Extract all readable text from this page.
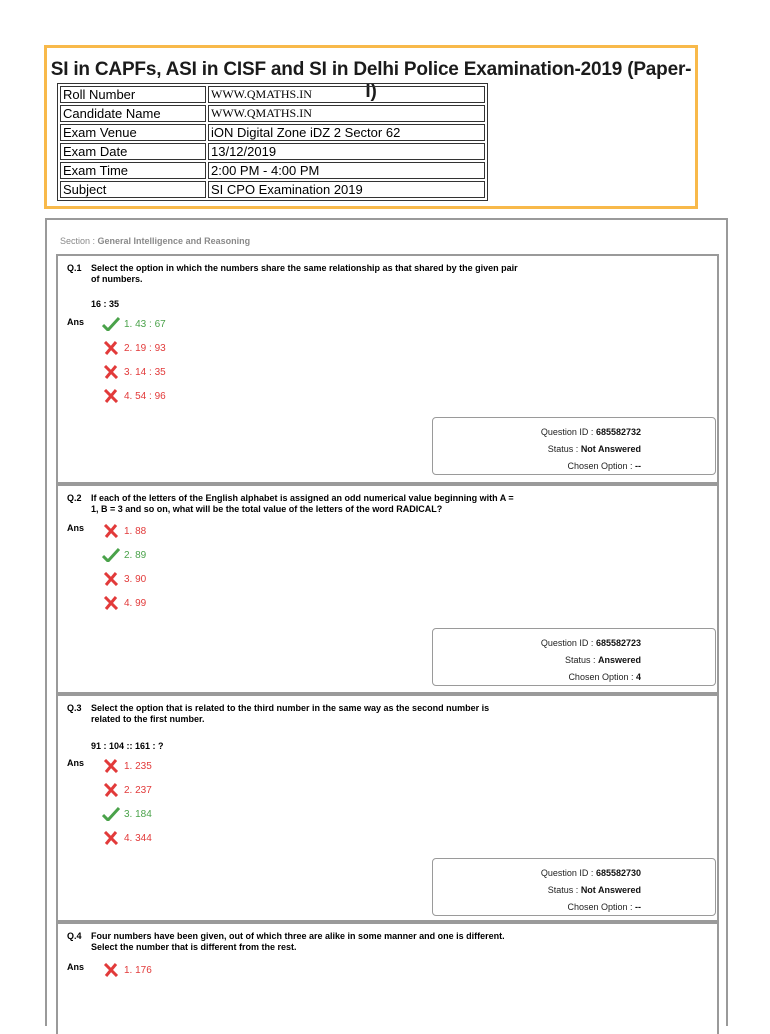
SI in CAPFs, ASI in CISF and SI in Delhi Police Examination-2019 (Paper-I)
Roll Number	WWW.QMATHS.IN
Candidate Name	WWW.QMATHS.IN
Exam Venue	iON Digital Zone iDZ 2 Sector 62
Exam Date	13/12/2019
Exam Time	2:00 PM - 4:00 PM
Subject	SI CPO Examination 2019
Section : General Intelligence and Reasoning
Q.1 Select the option in which the numbers share the same relationship as that shared by the given pair of numbers.
16 : 35
Ans	1. 43 : 67
2. 19 : 93
3. 14 : 35
4. 54 : 96
Question ID : 685582732
Status : Not Answered
Chosen Option : --
Q.2 If each of the letters of the English alphabet is assigned an odd numerical value beginning with A = 1, B = 3 and so on, what will be the total value of the letters of the word RADICAL?
Ans	1. 88
2. 89
3. 90
4. 99
Question ID : 685582723
Status : Answered
Chosen Option : 4
Q.3 Select the option that is related to the third number in the same way as the second number is related to the first number.
91 : 104 :: 161 : ?
Ans	1. 235
2. 237
3. 184
4. 344
Question ID : 685582730
Status : Not Answered
Chosen Option : --
Q.4 Four numbers have been given, out of which three are alike in some manner and one is different. Select the number that is different from the rest.
Ans	1. 176
